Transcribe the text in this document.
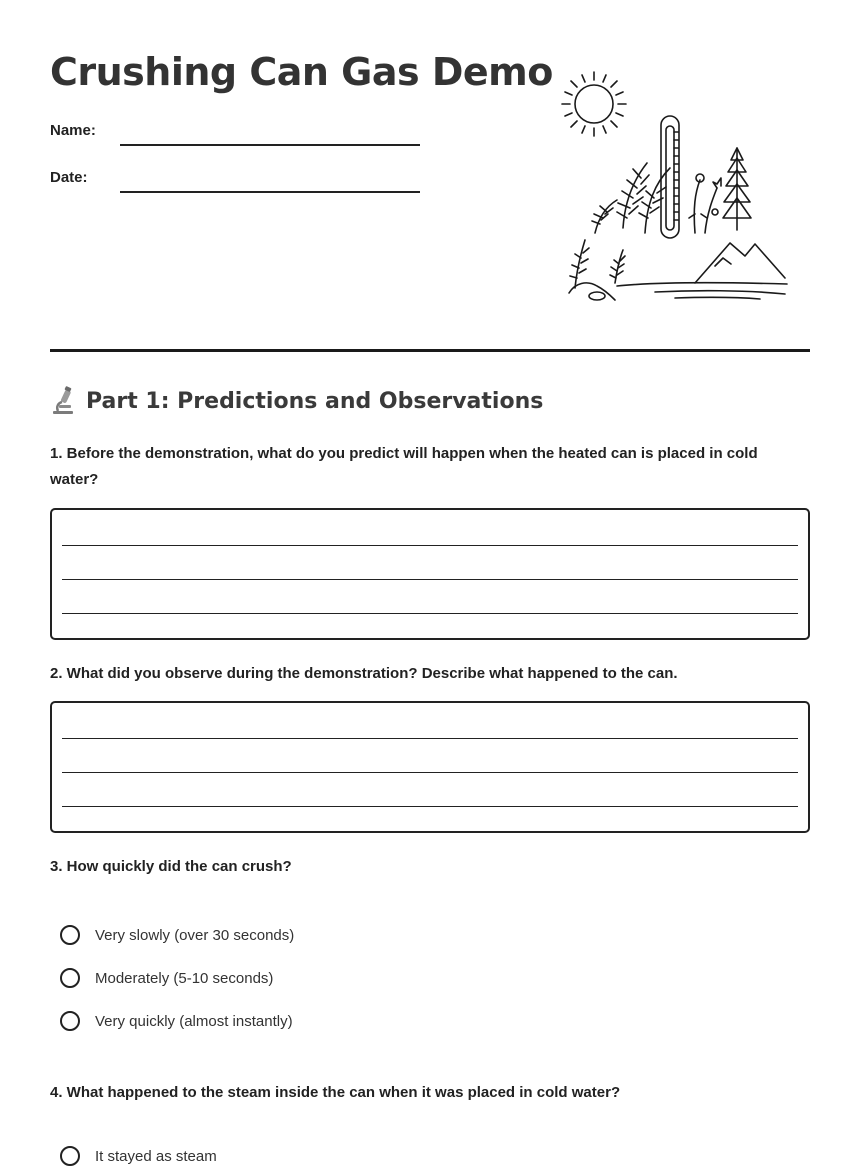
Crushing Can Gas Demo
Name:
Date:
Part 1: Predictions and Observations

1. Before the demonstration, what do you predict will happen when the heated can is placed in cold water?

2. What did you observe during the demonstration? Describe what happened to the can.

3. How quickly did the can crush?

Very slowly (over 30 seconds)
Moderately (5-10 seconds)
Very quickly (almost instantly)

4. What happened to the steam inside the can when it was placed in cold water?

It stayed as steam
